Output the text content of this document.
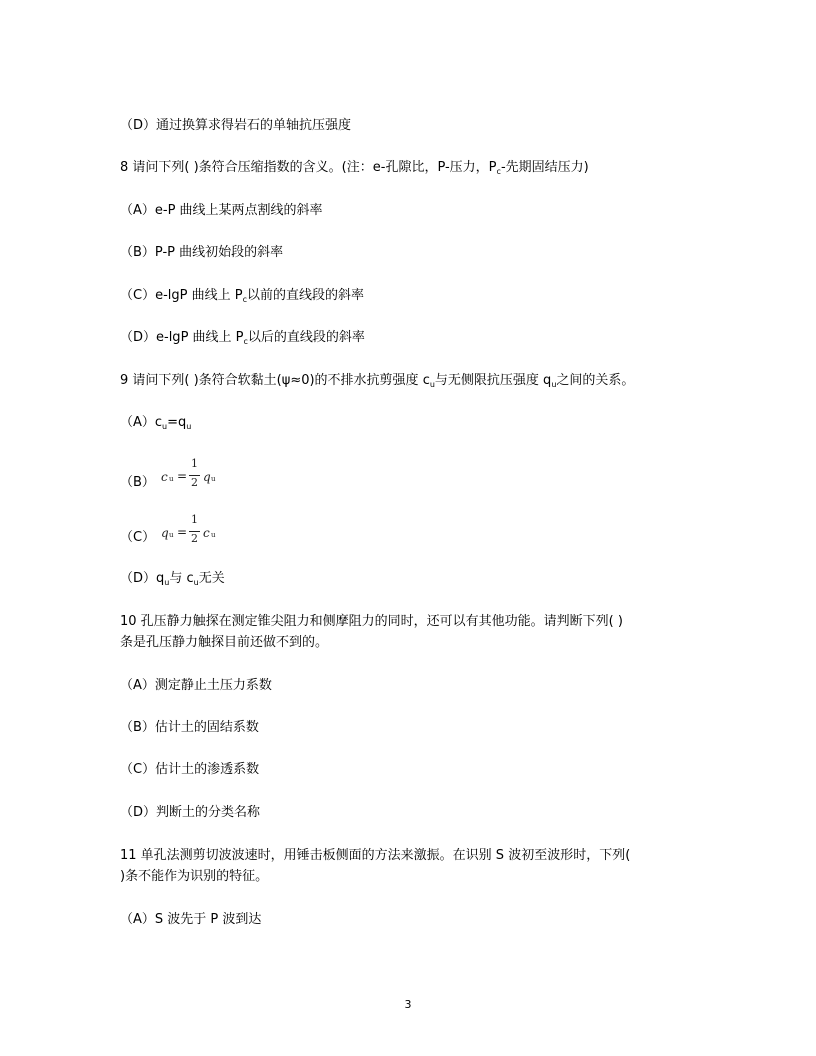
（D）通过换算求得岩石的单轴抗压强度
8 请问下列( )条符合压缩指数的含义。(注：e-孔隙比，P-压力，$P_c-$先期固结压力)
（A）e-P 曲线上某两点割线的斜率
（B）P-P 曲线初始段的斜率
（C）e-lgP 曲线上 $P_c$以前的直线段的斜率
（D）e-lgP 曲线上 $P_c$以后的直线段的斜率
9 请问下列( )条符合软黏土(ψ≈0)的不排水抗剪强度 $c_u$与无侧限抗压强度 $q_u$之间的关系。
$(A)c_u=q_u$
（B） c u =
1
2 q u
（C） q u =
1
2 c u
$(D)q_u$与 $c_u$无关
10 孔压静力触探在测定锥尖阻力和侧摩阻力的同时，还可以有其他功能。请判断下列( )
条是孔压静力触探目前还做不到的。
（A）测定静止土压力系数
（B）估计土的固结系数
（C）估计土的渗透系数
（D）判断土的分类名称
11 单孔法测剪切波波速时，用锤击板侧面的方法来激振。在识别 S 波初至波形时，下列(
)条不能作为识别的特征。
（A）S 波先于 P 波到达
3
